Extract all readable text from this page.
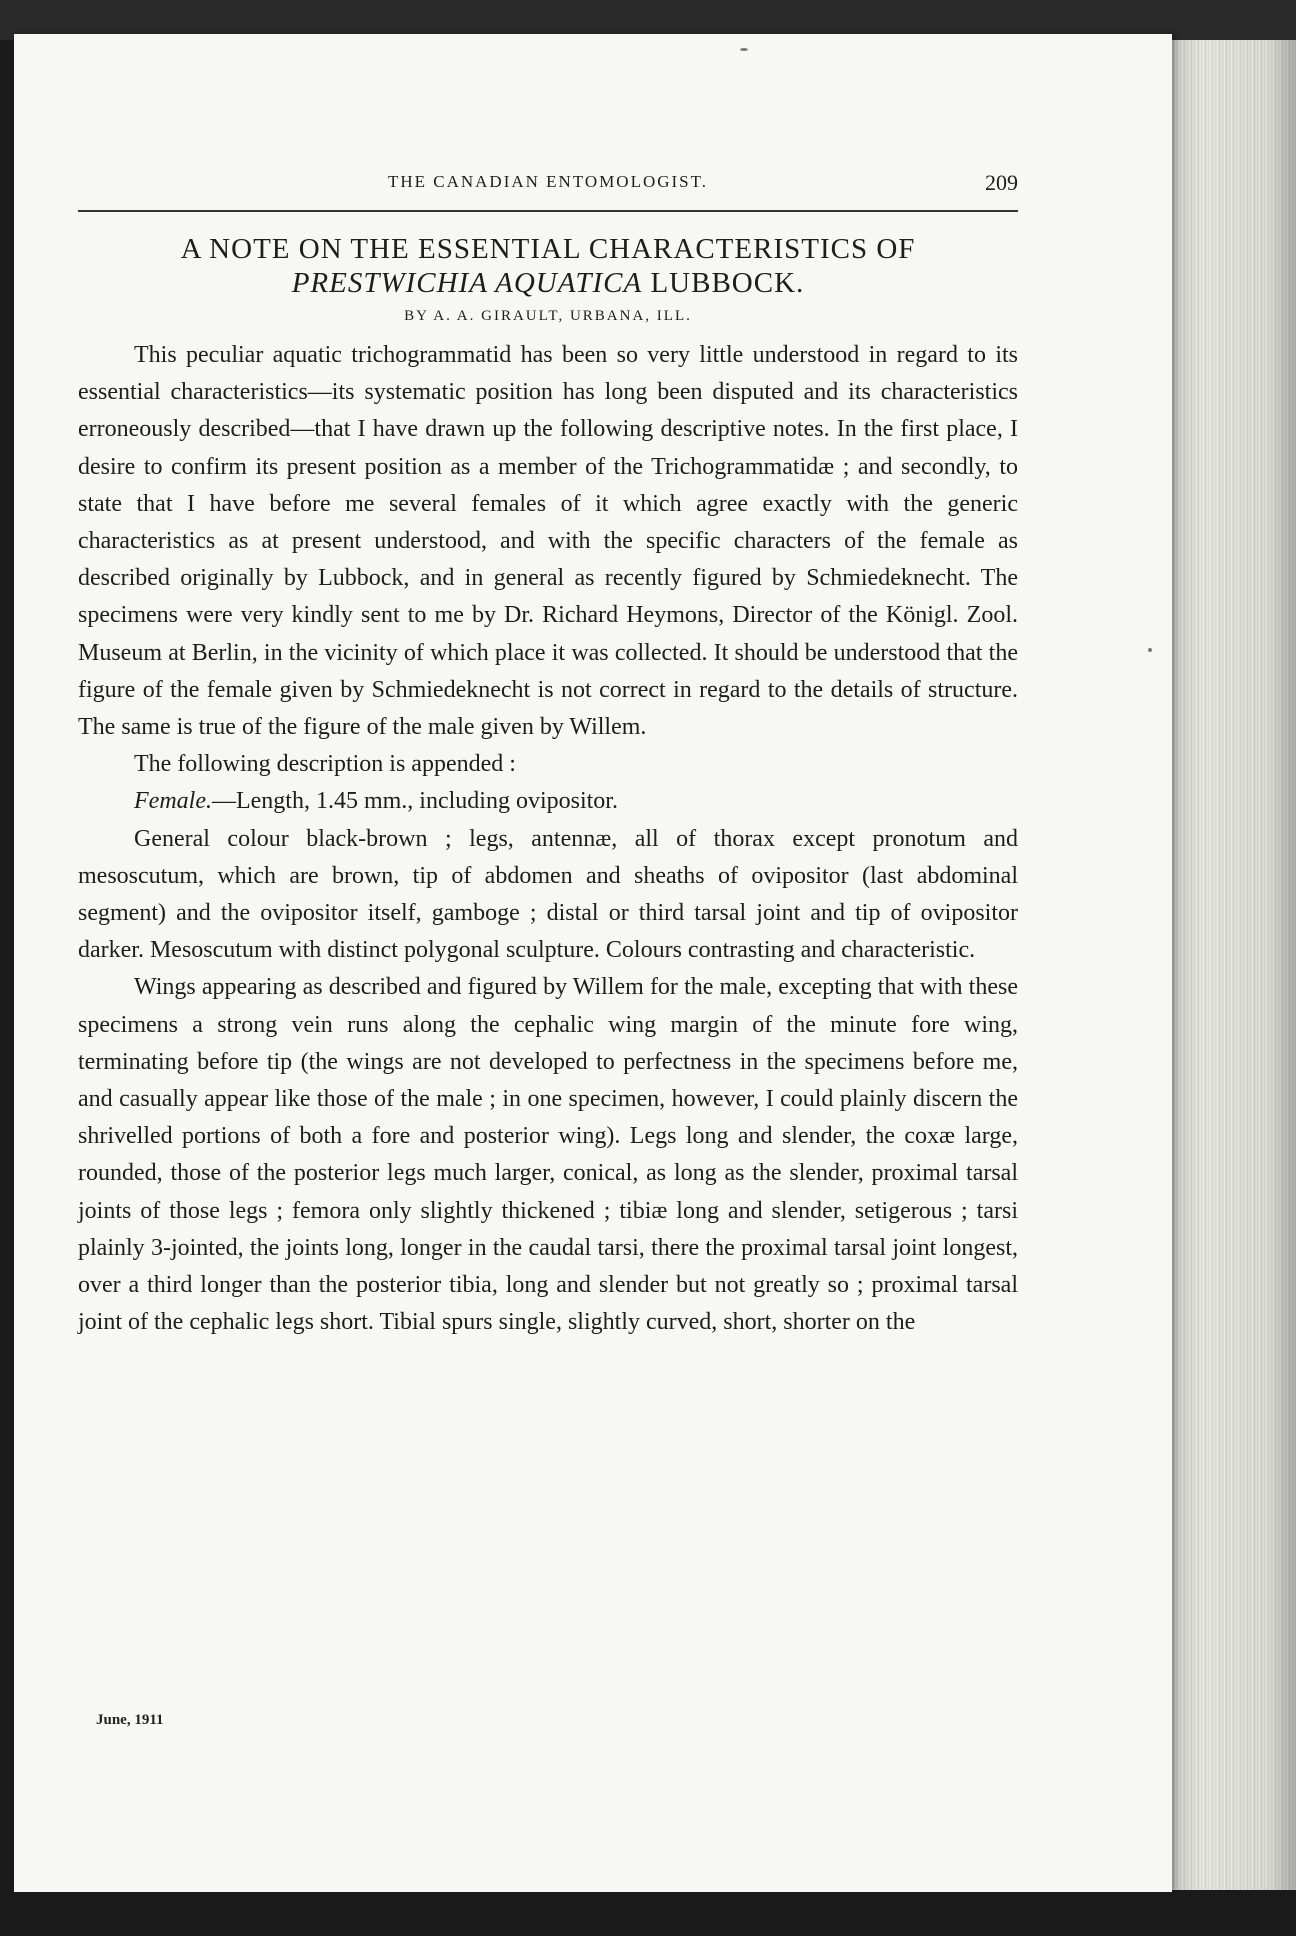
THE CANADIAN ENTOMOLOGIST.	209
A NOTE ON THE ESSENTIAL CHARACTERISTICS OF
PRESTWICHIA AQUATICA LUBBOCK.
BY A. A. GIRAULT, URBANA, ILL.

This peculiar aquatic trichogrammatid has been so very little understood in regard to its essential characteristics—its systematic position has long been disputed and its characteristics erroneously described—that I have drawn up the following descriptive notes. In the first place, I desire to confirm its present position as a member of the Trichogrammatidæ ; and secondly, to state that I have before me several females of it which agree exactly with the generic characteristics as at present understood, and with the specific characters of the female as described originally by Lubbock, and in general as recently figured by Schmiedeknecht. The specimens were very kindly sent to me by Dr. Richard Heymons, Director of the Königl. Zool. Museum at Berlin, in the vicinity of which place it was collected. It should be understood that the figure of the female given by Schmiedeknecht is not correct in regard to the details of structure. The same is true of the figure of the male given by Willem.

The following description is appended :

Female.—Length, 1.45 mm., including ovipositor.

General colour black-brown ; legs, antennæ, all of thorax except pronotum and mesoscutum, which are brown, tip of abdomen and sheaths of ovipositor (last abdominal segment) and the ovipositor itself, gamboge ; distal or third tarsal joint and tip of ovipositor darker. Mesoscutum with distinct polygonal sculpture. Colours contrasting and characteristic.

Wings appearing as described and figured by Willem for the male, excepting that with these specimens a strong vein runs along the cephalic wing margin of the minute fore wing, terminating before tip (the wings are not developed to perfectness in the specimens before me, and casually appear like those of the male ; in one specimen, however, I could plainly discern the shrivelled portions of both a fore and posterior wing). Legs long and slender, the coxæ large, rounded, those of the posterior legs much larger, conical, as long as the slender, proximal tarsal joints of those legs ; femora only slightly thickened ; tibiæ long and slender, setigerous ; tarsi plainly 3-jointed, the joints long, longer in the caudal tarsi, there the proximal tarsal joint longest, over a third longer than the posterior tibia, long and slender but not greatly so ; proximal tarsal joint of the cephalic legs short. Tibial spurs single, slightly curved, short, shorter on the

June, 1911
